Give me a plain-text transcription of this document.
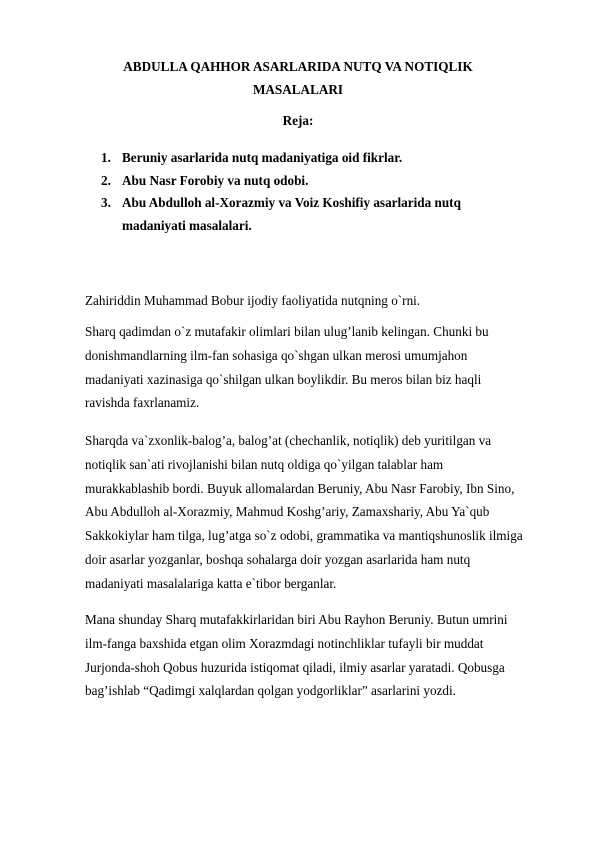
ABDULLA QAHHOR ASARLARIDA NUTQ VA NOTIQLIK
MASALALARI
Reja:
1. Beruniy asarlarida nutq madaniyatiga oid fikrlar.
2. Abu Nasr Forobiy va nutq odobi.
3. Abu Abdulloh al-Xorazmiy va Voiz Koshifiy asarlarida nutq
madaniyati masalalari.

Zahiriddin Muhammad Bobur ijodiy faoliyatida nutqning o`rni.

Sharq qadimdan o`z mutafakir olimlari bilan ulug’lanib kelingan. Chunki bu
donishmandlarning ilm-fan sohasiga qo`shgan ulkan merosi umumjahon
madaniyati xazinasiga qo`shilgan ulkan boylikdir. Bu meros bilan biz haqli
ravishda faxrlanamiz.

Sharqda va`zxonlik-balog’a, balog’at (chechanlik, notiqlik) deb yuritilgan va
notiqlik san`ati rivojlanishi bilan nutq oldiga qo`yilgan talablar ham
murakkablashib bordi. Buyuk allomalardan Beruniy, Abu Nasr Farobiy, Ibn Sino,
Abu Abdulloh al-Xorazmiy, Mahmud Koshg’ariy, Zamaxshariy, Abu Ya`qub
Sakkokiylar ham tilga, lug’atga so`z odobi, grammatika va mantiqshunoslik ilmiga
doir asarlar yozganlar, boshqa sohalarga doir yozgan asarlarida ham nutq
madaniyati masalalariga katta e`tibor berganlar.

Mana shunday Sharq mutafakkirlaridan biri Abu Rayhon Beruniy. Butun umrini
ilm-fanga baxshida etgan olim Xorazmdagi notinchliklar tufayli bir muddat
Jurjonda-shoh Qobus huzurida istiqomat qiladi, ilmiy asarlar yaratadi. Qobusga
bag’ishlab “Qadimgi xalqlardan qolgan yodgorliklar” asarlarini yozdi.
